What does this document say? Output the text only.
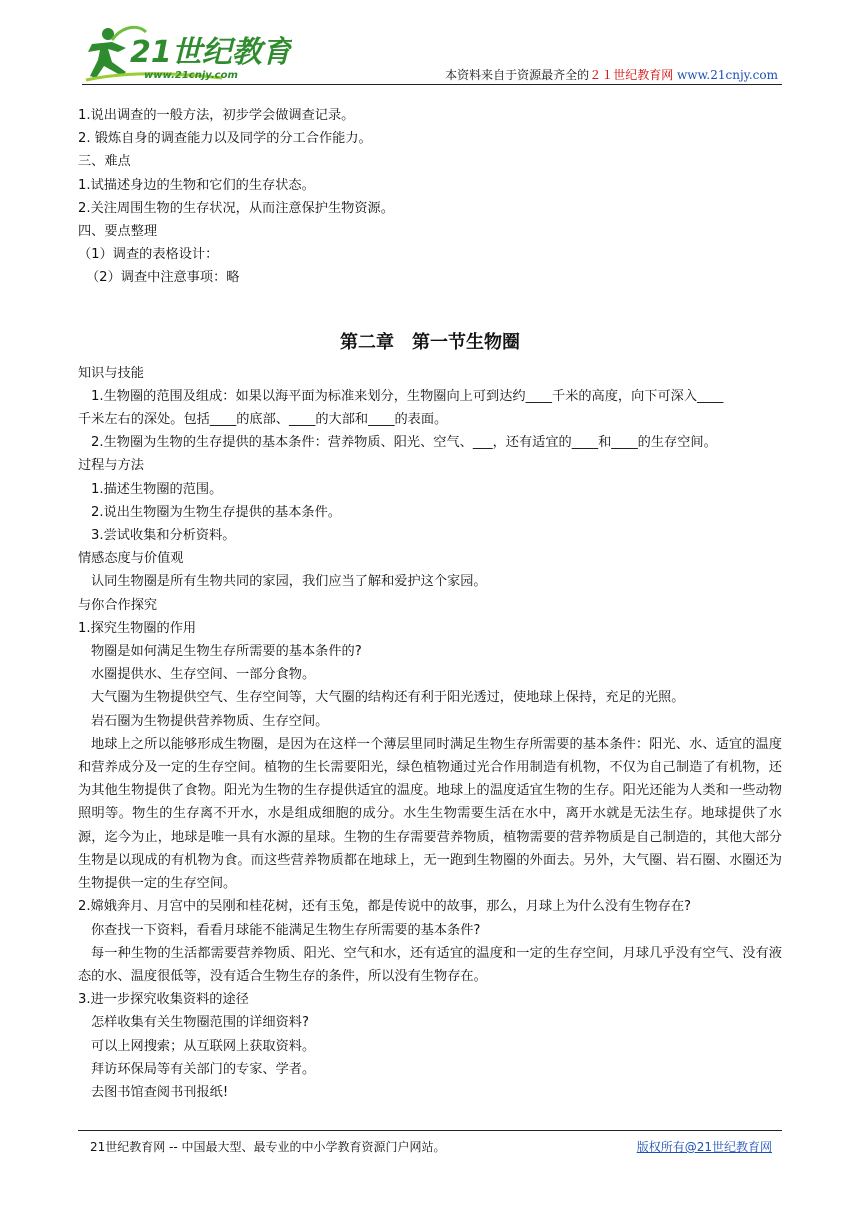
21世纪教育
www.21cnjy.com	本资料来自于资源最齐全的２１世纪教育网 www.21cnjy.com
1.说出调查的一般方法，初步学会做调查记录。
2. 锻炼自身的调查能力以及同学的分工合作能力。
三、难点
1.试描述身边的生物和它们的生存状态。
2.关注周围生物的生存状况，从而注意保护生物资源。
四、要点整理
（1）调查的表格设计：
（2）调查中注意事项：略
第二章　第一节生物圈
知识与技能
1.生物圈的范围及组成：如果以海平面为标准来划分，生物圈向上可到达约____千米的高度，向下可深入____
千米左右的深处。包括____的底部、____的大部和____的表面。
2.生物圈为生物的生存提供的基本条件：营养物质、阳光、空气、___，还有适宜的____和____的生存空间。
过程与方法
1.描述生物圈的范围。
2.说出生物圈为生物生存提供的基本条件。
3.尝试收集和分析资料。
情感态度与价值观
认同生物圈是所有生物共同的家园，我们应当了解和爱护这个家园。
与你合作探究
1.探究生物圈的作用
物圈是如何满足生物生存所需要的基本条件的?
水圈提供水、生存空间、一部分食物。
大气圈为生物提供空气、生存空间等，大气圈的结构还有利于阳光透过，使地球上保持，充足的光照。
岩石圈为生物提供营养物质、生存空间。
地球上之所以能够形成生物圈，是因为在这样一个薄层里同时满足生物生存所需要的基本条件：阳光、水、适宜的温度和营养成分及一定的生存空间。植物的生长需要阳光，绿色植物通过光合作用制造有机物，不仅为自己制造了有机物，还为其他生物提供了食物。阳光为生物的生存提供适宜的温度。地球上的温度适宜生物的生存。阳光还能为人类和一些动物照明等。物生的生存离不开水，水是组成细胞的成分。水生生物需要生活在水中，离开水就是无法生存。地球提供了水源，迄今为止，地球是唯一具有水源的星球。生物的生存需要营养物质，植物需要的营养物质是自己制造的，其他大部分生物是以现成的有机物为食。而这些营养物质都在地球上，无一跑到生物圈的外面去。另外，大气圈、岩石圈、水圈还为生物提供一定的生存空间。
2.嫦娥奔月、月宫中的吴刚和桂花树，还有玉兔，都是传说中的故事，那么，月球上为什么没有生物存在?
你查找一下资料，看看月球能不能满足生物生存所需要的基本条件?
每一种生物的生活都需要营养物质、阳光、空气和水，还有适宜的温度和一定的生存空间，月球几乎没有空气、没有液态的水、温度很低等，没有适合生物生存的条件，所以没有生物存在。
3.进一步探究收集资料的途径
怎样收集有关生物圈范围的详细资料?
可以上网搜索；从互联网上获取资料。
拜访环保局等有关部门的专家、学者。
去图书馆查阅书刊报纸!
21世纪教育网 -- 中国最大型、最专业的中小学教育资源门户网站。	版权所有@21世纪教育网
